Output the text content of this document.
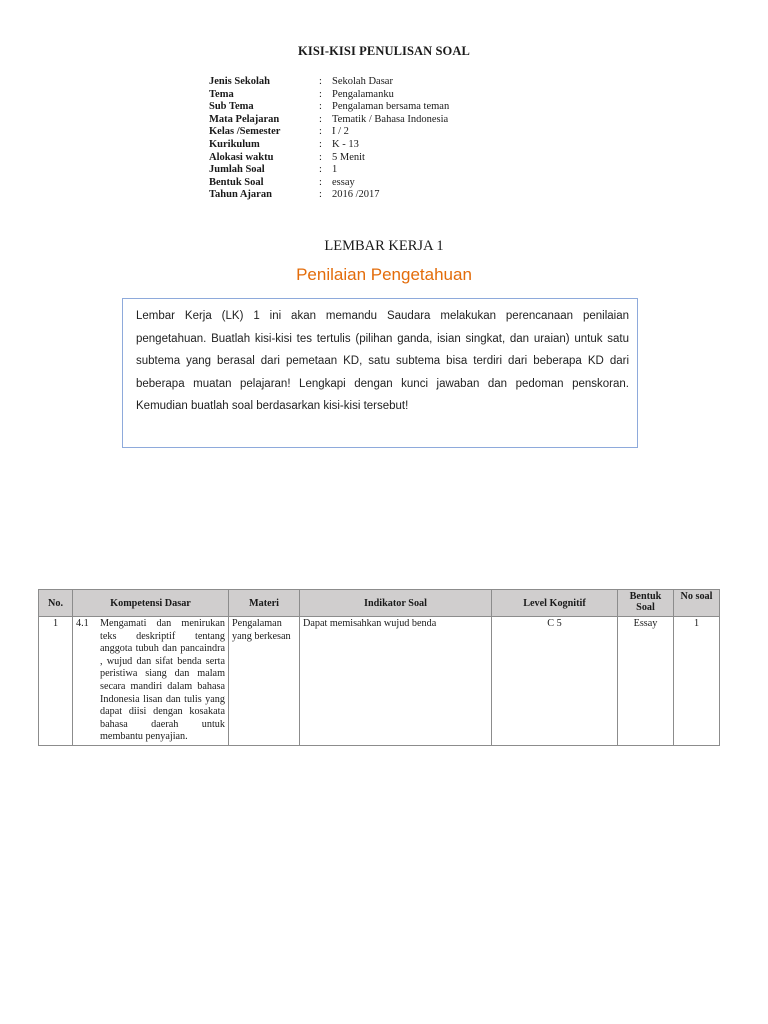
KISI-KISI PENULISAN SOAL
Jenis Sekolah	:	Sekolah Dasar
Tema	:	Pengalamanku
Sub Tema	:	Pengalaman bersama teman
Mata Pelajaran	:	Tematik / Bahasa Indonesia
Kelas /Semester	:	I / 2
Kurikulum	:	K - 13
Alokasi waktu	:	5 Menit
Jumlah Soal	:	1
Bentuk Soal	:	essay
Tahun Ajaran	:	2016 /2017
LEMBAR KERJA 1
Penilaian Pengetahuan

Lembar Kerja (LK) 1 ini akan memandu Saudara melakukan perencanaan penilaian pengetahuan. Buatlah kisi-kisi tes tertulis (pilihan ganda, isian singkat, dan uraian) untuk satu subtema yang berasal dari pemetaan KD, satu subtema bisa terdiri dari beberapa KD dari beberapa muatan pelajaran! Lengkapi dengan kunci jawaban dan pedoman penskoran. Kemudian buatlah soal berdasarkan kisi-kisi tersebut!

No.	Kompetensi Dasar	Materi	Indikator Soal	Level Kognitif	Bentuk Soal	No soal
1	4.1 Mengamati dan menirukan teks deskriptif tentang anggota tubuh dan pancaindra , wujud dan sifat benda serta peristiwa siang dan malam secara mandiri dalam bahasa Indonesia lisan dan tulis yang dapat diisi dengan kosakata bahasa daerah untuk membantu penyajian.	Pengalaman yang berkesan	Dapat memisahkan wujud benda	C 5	Essay	1
